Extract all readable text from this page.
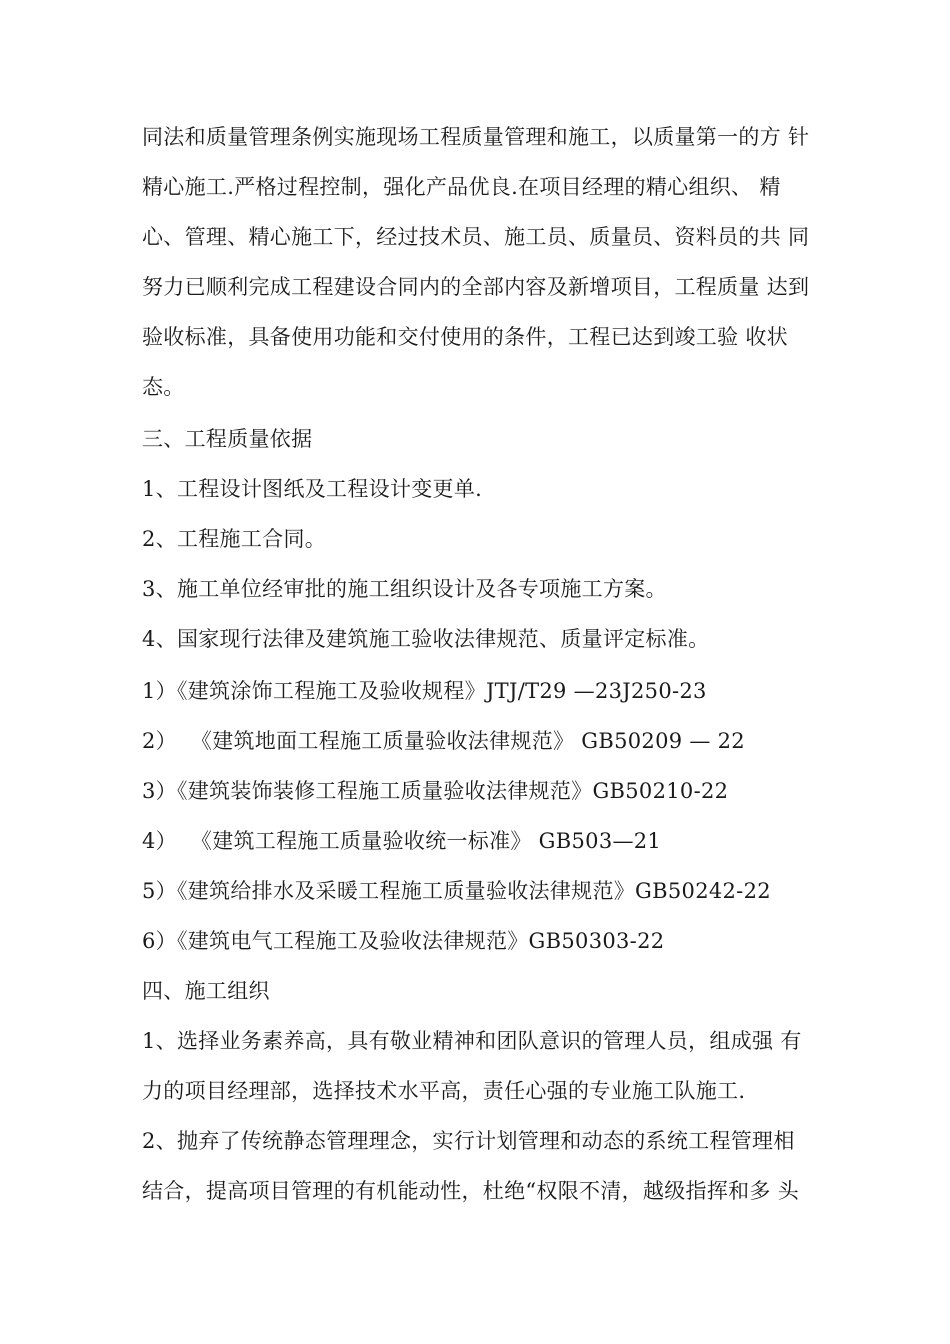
同法和质量管理条例实施现场工程质量管理和施工，以质量第一的方 针
精心施工.严格过程控制，强化产品优良.在项目经理的精心组织、 精
心、管理、精心施工下，经过技术员、施工员、质量员、资料员的共 同
努力已顺利完成工程建设合同内的全部内容及新增项目，工程质量 达到
验收标准，具备使用功能和交付使用的条件，工程已达到竣工验 收状
态。
三、工程质量依据
1、工程设计图纸及工程设计变更单.
2、工程施工合同。
3、施工单位经审批的施工组织设计及各专项施工方案。
4、国家现行法律及建筑施工验收法律规范、质量评定标准。
1）《建筑涂饰工程施工及验收规程》JTJ/T29 —23J250-23
2）  《建筑地面工程施工质量验收法律规范》 GB50209 — 22
3）《建筑装饰装修工程施工质量验收法律规范》GB50210-22
4）  《建筑工程施工质量验收统一标准》 GB503—21
5）《建筑给排水及采暖工程施工质量验收法律规范》GB50242-22
6）《建筑电气工程施工及验收法律规范》GB50303-22
四、施工组织
1、选择业务素养高，具有敬业精神和团队意识的管理人员，组成强 有
力的项目经理部，选择技术水平高，责任心强的专业施工队施工.
2、抛弃了传统静态管理理念，实行计划管理和动态的系统工程管理相
结合，提高项目管理的有机能动性，杜绝“权限不清，越级指挥和多 头
